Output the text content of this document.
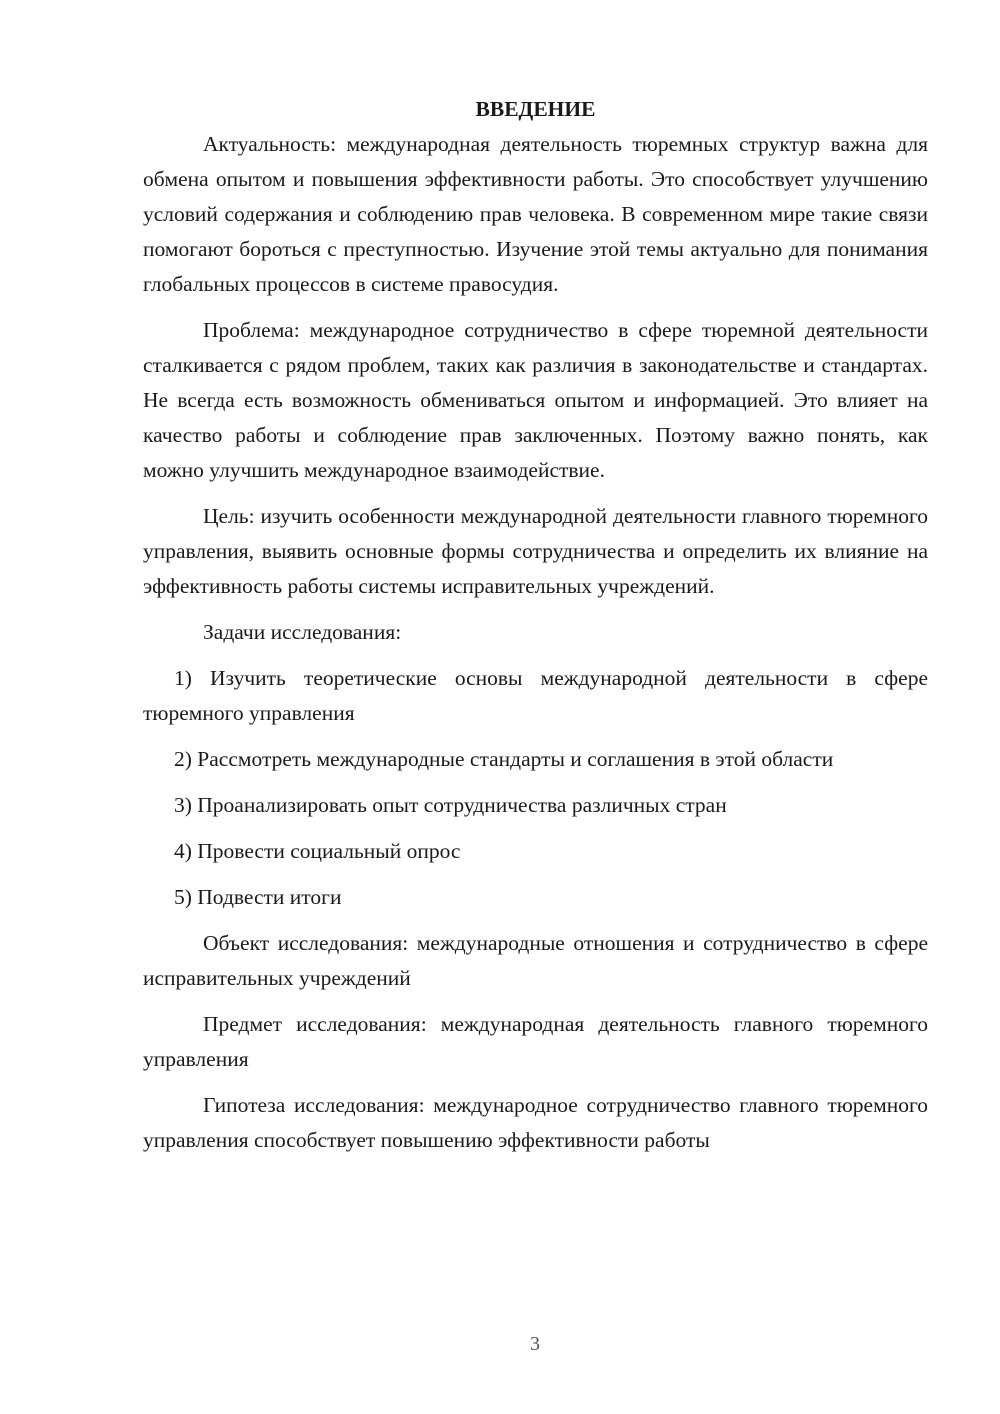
ВВЕДЕНИЕ

Актуальность: международная деятельность тюремных структур важна для обмена опытом и повышения эффективности работы. Это способствует улучшению условий содержания и соблюдению прав человека. В современном мире такие связи помогают бороться с преступностью. Изучение этой темы актуально для понимания глобальных процессов в системе правосудия.

Проблема: международное сотрудничество в сфере тюремной деятельности сталкивается с рядом проблем, таких как различия в законодательстве и стандартах. Не всегда есть возможность обмениваться опытом и информацией. Это влияет на качество работы и соблюдение прав заключенных. Поэтому важно понять, как можно улучшить международное взаимодействие.

Цель: изучить особенности международной деятельности главного тюремного управления, выявить основные формы сотрудничества и определить их влияние на эффективность работы системы исправительных учреждений.

Задачи исследования:

1) Изучить теоретические основы международной деятельности в сфере тюремного управления

2) Рассмотреть международные стандарты и соглашения в этой области

3) Проанализировать опыт сотрудничества различных стран

4) Провести социальный опрос

5) Подвести итоги

Объект исследования: международные отношения и сотрудничество в сфере исправительных учреждений

Предмет исследования: международная деятельность главного тюремного управления

Гипотеза исследования: международное сотрудничество главного тюремного управления способствует повышению эффективности работы

3
